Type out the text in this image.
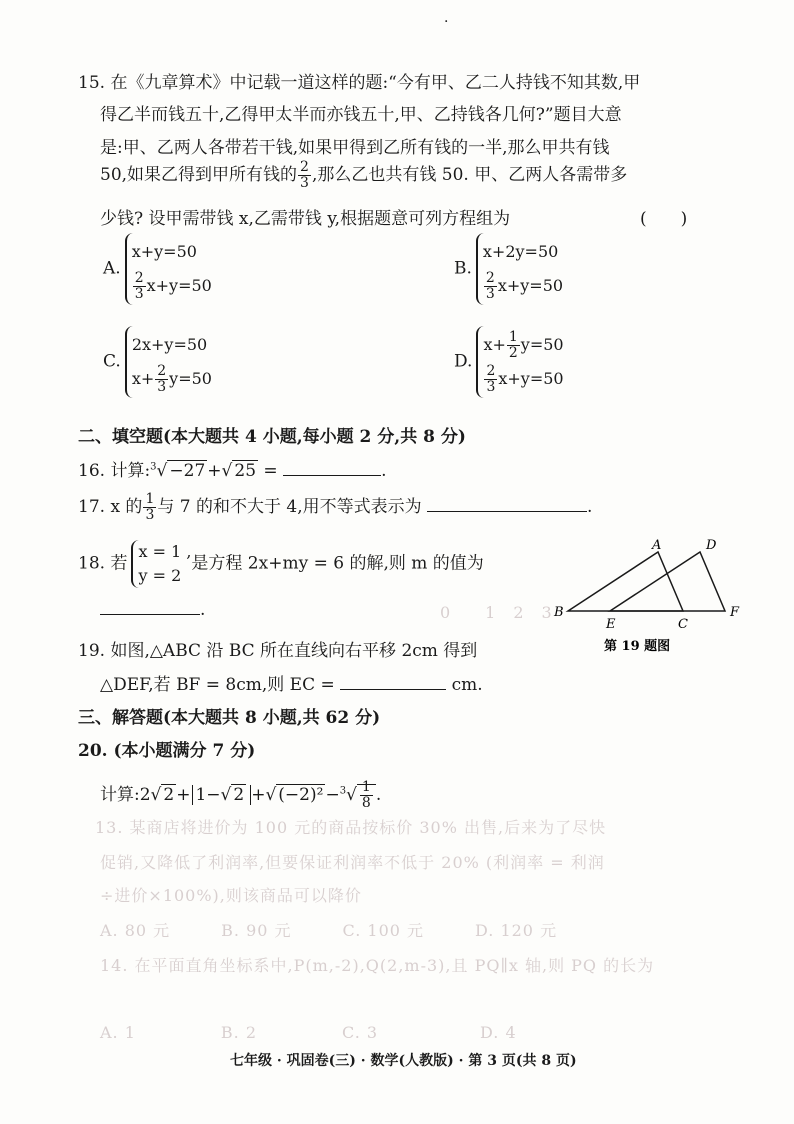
0　　1　2　3
13. 某商店将进价为 100 元的商品按标价 30% 出售,后来为了尽快
促销,又降低了利润率,但要保证利润率不低于 20% (利润率 = 利润
÷进价×100%),则该商品可以降价
A. 80 元　　　B. 90 元　　　C. 100 元　　　D. 120 元
14. 在平面直角坐标系中,P(m,-2),Q(2,m-3),且 PQ∥x 轴,则 PQ 的长为
A. 1　　　　　B. 2　　　　　C. 3　　　　　　D. 4
·
15. 在《九章算术》中记载一道这样的题:“今有甲、乙二人持钱不知其数,甲
得乙半而钱五十,乙得甲太半而亦钱五十,甲、乙持钱各几何?”题目大意
是:甲、乙两人各带若干钱,如果甲得到乙所有钱的一半,那么甲共有钱
50,如果乙得到甲所有钱的 $\frac{2}{3}$ ,那么乙也共有钱 50. 甲、乙两人各需带多
少钱? 设甲需带钱 x,乙需带钱 y,根据题意可列方程组为	(　　)
A.
x+y=50
$\frac{2}{3} x+y=50$
B.
x+2y=50
$\frac{2}{3} x+y=50$
C.
2x+y=50
$x+ \frac{2}{3} y=50$
D.
$x+ \frac{1}{2} y=50$
$\frac{2}{3} x+y=50$
二、填空题(本大题共 4 小题,每小题 2 分,共 8 分)
16. 计算:$^3$√ −27 +√ 25 =	.
17. x 的 $\frac{1}{3}$ 与 7 的和不大于 4,用不等式表示为	.
18. 若
x = 1 ,
y = 2
是方程 2x+my = 6 的解,则 m 的值为
.
19. 如图,△ABC 沿 BC 所在直线向右平移 2cm 得到
△DEF,若 BF = 8cm,则 EC =	cm.
A	D
B
E	C
F
第 19 题图
三、解答题(本大题共 8 小题,共 62 分)
20. (本小题满分 7 分)
计算:2√ 2 + 1−√ 2 +√ $(-2)^2 -^3√ \frac{1}{8}$ .
七年级 · 巩固卷(三) · 数学(人教版) · 第 3 页(共 8 页)
